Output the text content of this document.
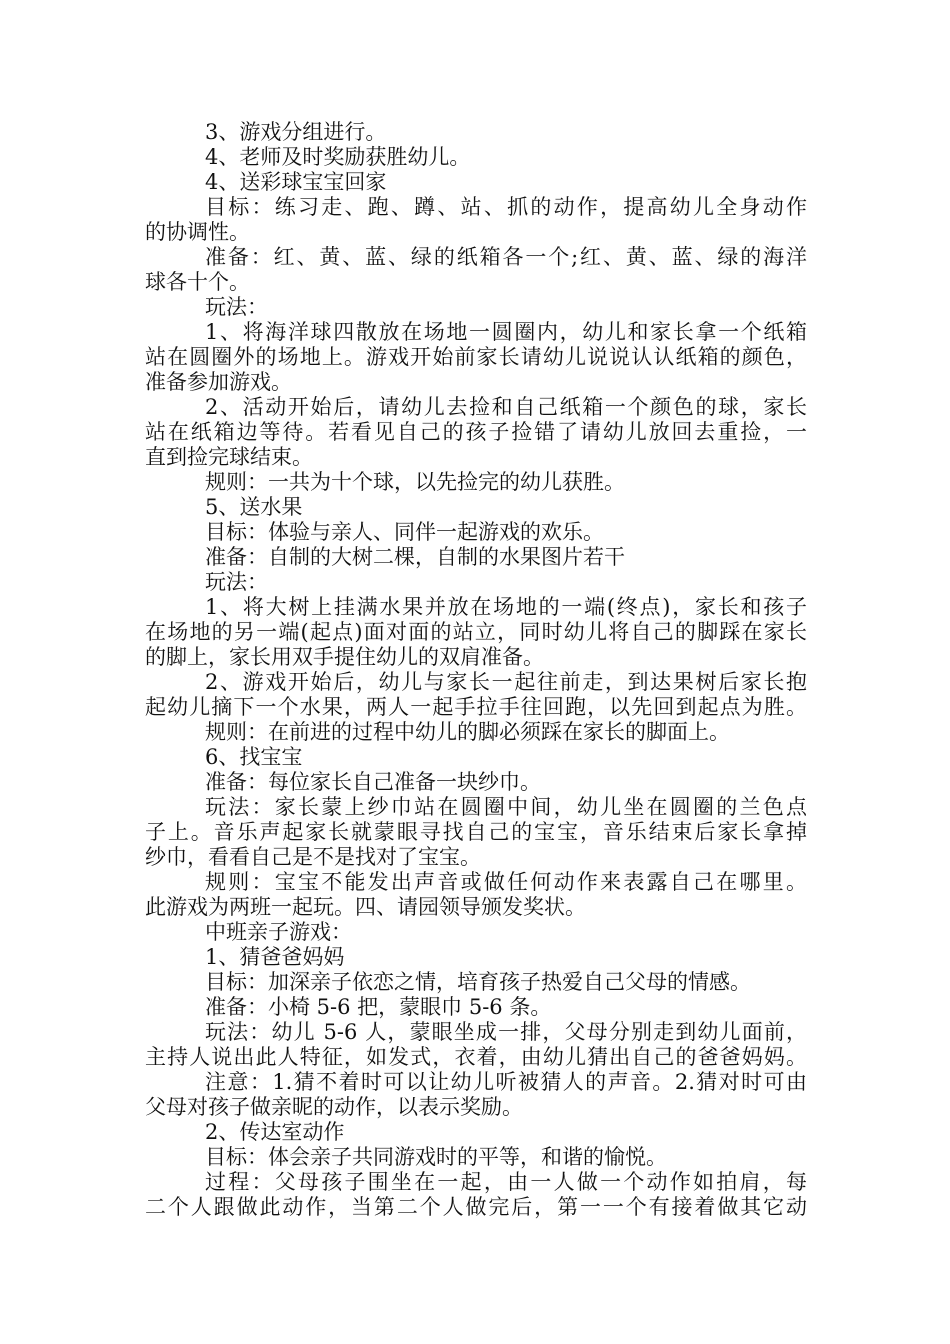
3、游戏分组进行。
4、老师及时奖励获胜幼儿。
4、送彩球宝宝回家
目标：练习走、跑、蹲、站、抓的动作，提高幼儿全身动作
的协调性。
准备：红、黄、蓝、绿的纸箱各一个;红、黄、蓝、绿的海洋
球各十个。
玩法：
1、将海洋球四散放在场地一圆圈内，幼儿和家长拿一个纸箱
站在圆圈外的场地上。游戏开始前家长请幼儿说说认认纸箱的颜色，
准备参加游戏。
2、活动开始后，请幼儿去捡和自己纸箱一个颜色的球，家长
站在纸箱边等待。若看见自己的孩子捡错了请幼儿放回去重捡，一
直到捡完球结束。
规则：一共为十个球，以先捡完的幼儿获胜。
5、送水果
目标：体验与亲人、同伴一起游戏的欢乐。
准备：自制的大树二棵，自制的水果图片若干
玩法：
1、将大树上挂满水果并放在场地的一端(终点)，家长和孩子
在场地的另一端(起点)面对面的站立，同时幼儿将自己的脚踩在家长
的脚上，家长用双手提住幼儿的双肩准备。
2、游戏开始后，幼儿与家长一起往前走，到达果树后家长抱
起幼儿摘下一个水果，两人一起手拉手往回跑，以先回到起点为胜。
规则：在前进的过程中幼儿的脚必须踩在家长的脚面上。
6、找宝宝
准备：每位家长自己准备一块纱巾。
玩法：家长蒙上纱巾站在圆圈中间，幼儿坐在圆圈的兰色点
子上。音乐声起家长就蒙眼寻找自己的宝宝，音乐结束后家长拿掉
纱巾，看看自己是不是找对了宝宝。
规则：宝宝不能发出声音或做任何动作来表露自己在哪里。
此游戏为两班一起玩。四、请园领导颁发奖状。
中班亲子游戏：
1、猜爸爸妈妈
目标：加深亲子依恋之情，培育孩子热爱自己父母的情感。
准备：小椅 5-6 把，蒙眼巾 5-6 条。
玩法：幼儿 5-6 人，蒙眼坐成一排，父母分别走到幼儿面前，
主持人说出此人特征，如发式，衣着，由幼儿猜出自己的爸爸妈妈。
注意：1.猜不着时可以让幼儿听被猜人的声音。2.猜对时可由
父母对孩子做亲昵的动作，以表示奖励。
2、传达室动作
目标：体会亲子共同游戏时的平等，和谐的愉悦。
过程：父母孩子围坐在一起，由一人做一个动作如拍肩，每
二个人跟做此动作，当第二个人做完后，第一一个有接着做其它动
